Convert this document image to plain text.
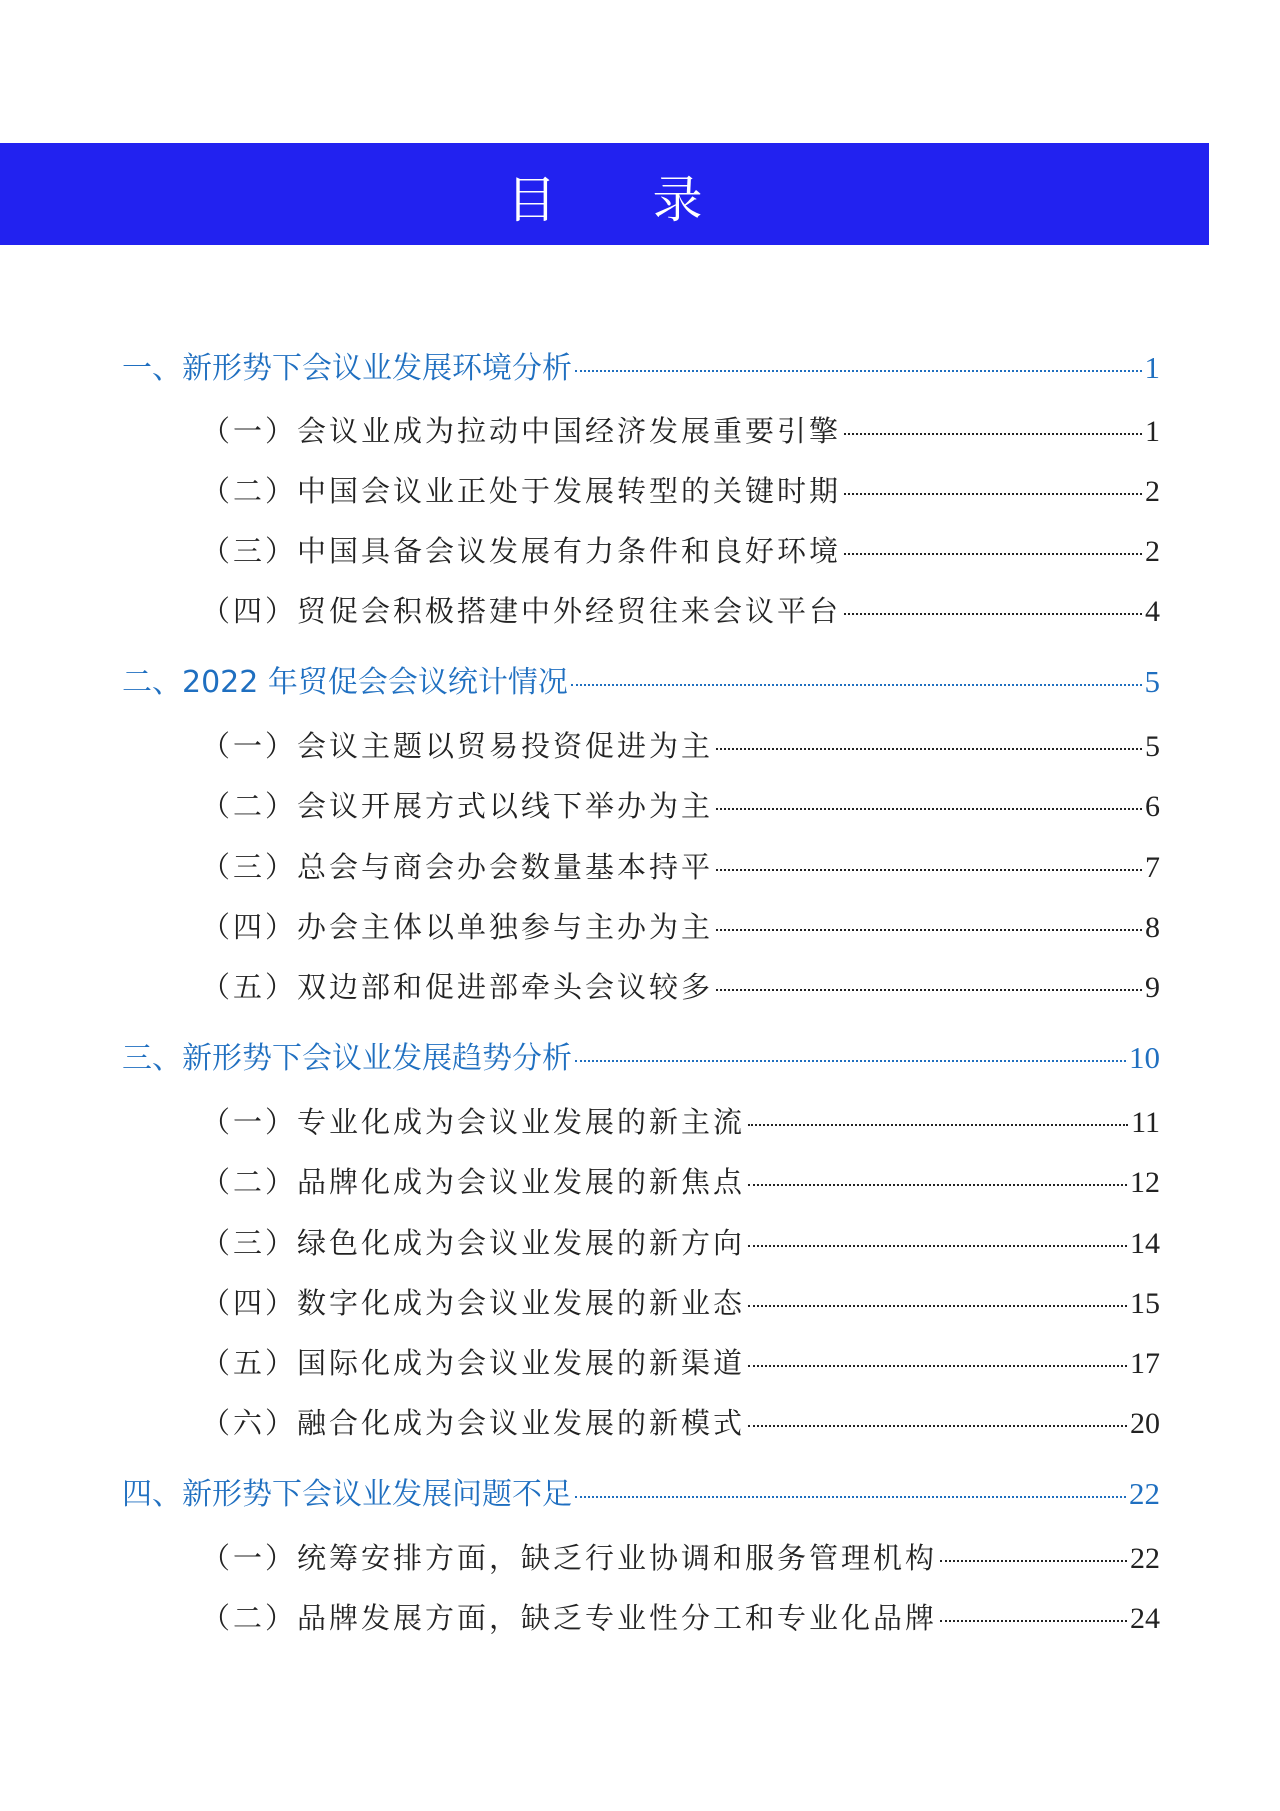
目 录
一、新形势下会议业发展环境分析	1
（一）会议业成为拉动中国经济发展重要引擎	1
（二）中国会议业正处于发展转型的关键时期	2
（三）中国具备会议发展有力条件和良好环境	2
（四）贸促会积极搭建中外经贸往来会议平台	4
二、2022 年贸促会会议统计情况	5
（一）会议主题以贸易投资促进为主	5
（二）会议开展方式以线下举办为主	6
（三）总会与商会办会数量基本持平	7
（四）办会主体以单独参与主办为主	8
（五）双边部和促进部牵头会议较多	9
三、新形势下会议业发展趋势分析	10
（一）专业化成为会议业发展的新主流	11
（二）品牌化成为会议业发展的新焦点	12
（三）绿色化成为会议业发展的新方向	14
（四）数字化成为会议业发展的新业态	15
（五）国际化成为会议业发展的新渠道	17
（六）融合化成为会议业发展的新模式	20
四、新形势下会议业发展问题不足	22
（一）统筹安排方面，缺乏行业协调和服务管理机构	22
（二）品牌发展方面，缺乏专业性分工和专业化品牌	24
